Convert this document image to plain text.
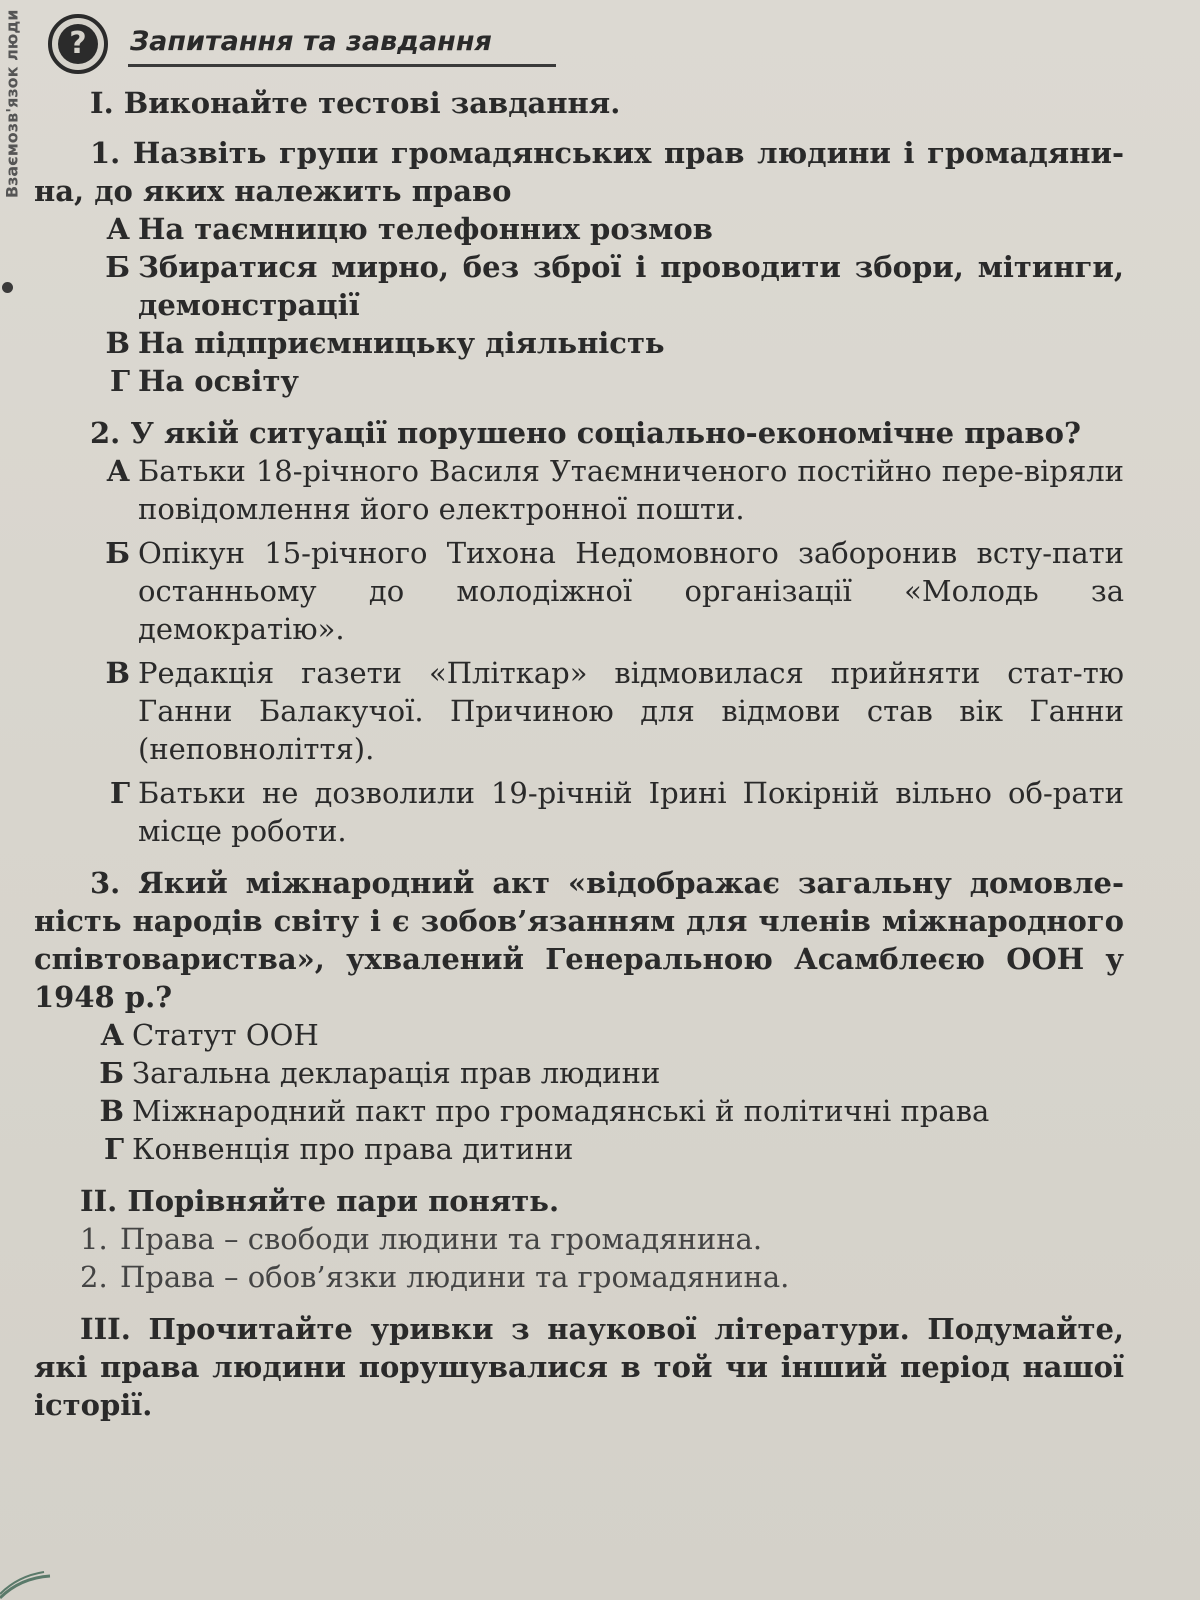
Взаємозв'язок люди	?	Запитання та завдання

І. Виконайте тестові завдання.

1. Назвіть групи громадянських прав людини і громадяни-на, до яких належить право

А На таємницю телефонних розмов
Б Збиратися мирно, без зброї і проводити збори, мітинги, демонстрації
В На підприємницьку діяльність
Г На освіту

2. У якій ситуації порушено соціально-економічне право?

А Батьки 18-річного Василя Утаємниченого постійно пере-віряли повідомлення його електронної пошти.
Б Опікун 15-річного Тихона Недомовного заборонив всту-пати останньому до молодіжної організації «Молодь за демократію».
В Редакція газети «Пліткар» відмовилася прийняти стат-тю Ганни Балакучої. Причиною для відмови став вік Ганни (неповноліття).
Г Батьки не дозволили 19-річній Ірині Покірній вільно об-рати місце роботи.

3. Який міжнародний акт «відображає загальну домовле-ність народів світу і є зобов’язанням для членів міжнародного співтовариства», ухвалений Генеральною Асамблеєю ООН у 1948 р.?

А Статут ООН
Б Загальна декларація прав людини
В Міжнародний пакт про громадянські й політичні права
Г Конвенція про права дитини

ІІ. Порівняйте пари понять.

1. Права – свободи людини та громадянина.

2. Права – обов’язки людини та громадянина.

ІІІ. Прочитайте уривки з наукової літератури. Подумайте, які права людини порушувалися в той чи інший період нашої історії.
